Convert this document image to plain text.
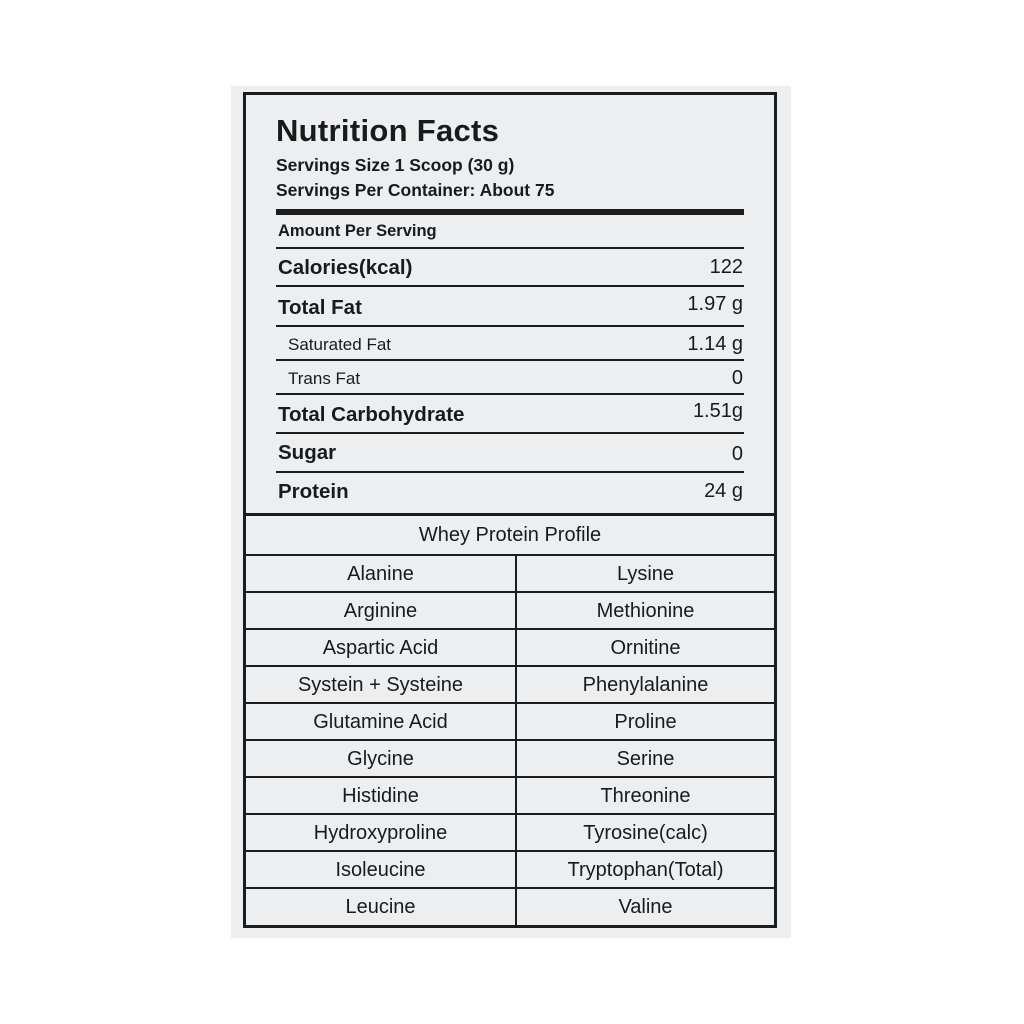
Nutrition Facts
Servings Size 1 Scoop (30 g)
Servings Per Container: About 75
Amount Per Serving
Calories(kcal)	122
Total Fat	1.97 g
Saturated Fat	1.14 g
Trans Fat	0
Total Carbohydrate	1.51g
Sugar	0
Protein	24 g
Whey Protein Profile
Alanine	Lysine
Arginine	Methionine
Aspartic Acid	Ornitine
Systein + Systeine	Phenylalanine
Glutamine Acid	Proline
Glycine	Serine
Histidine	Threonine
Hydroxyproline	Tyrosine(calc)
Isoleucine	Tryptophan(Total)
Leucine	Valine
